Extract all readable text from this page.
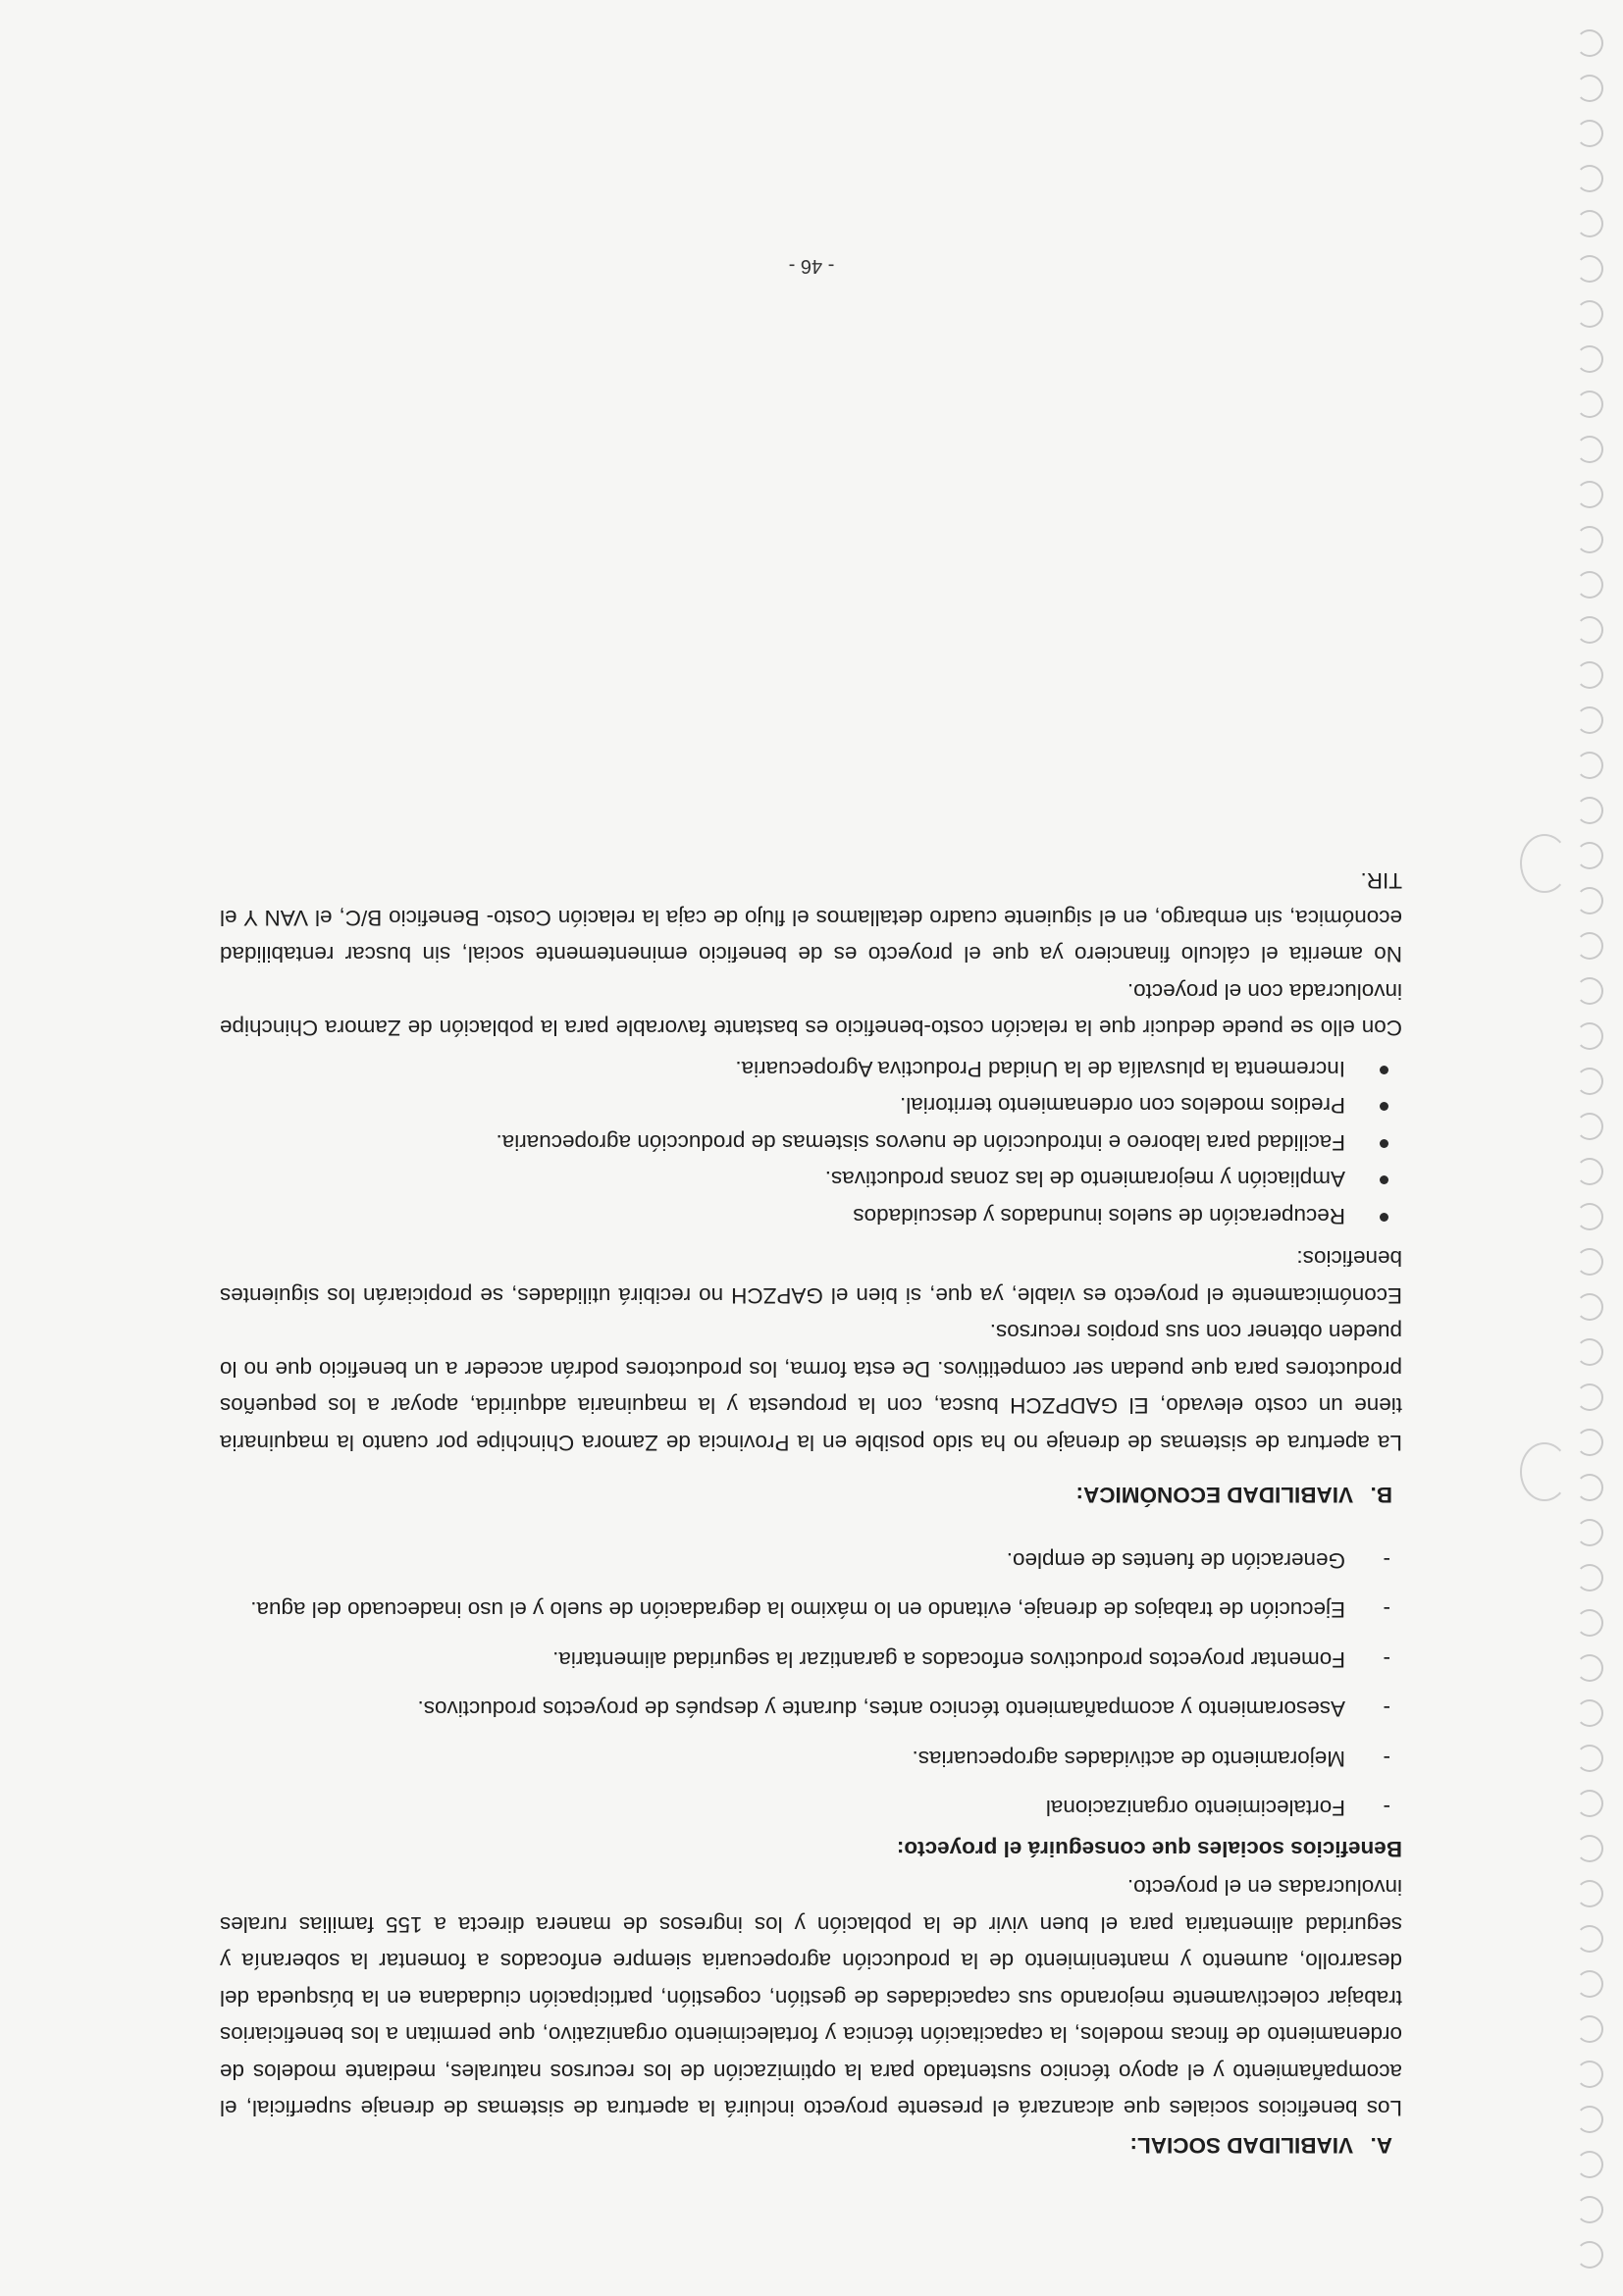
A.VIABILIDAD SOCIAL:

Los beneficios sociales que alcanzará el presente proyecto incluirá la apertura de sistemas de drenaje superficial, el acompañamiento y el apoyo técnico sustentado para la optimización de los recursos naturales, mediante modelos de ordenamiento de fincas modelos, la capacitación técnica y fortalecimiento organizativo, que permitan a los beneficiarios trabajar colectivamente mejorando sus capacidades de gestión, cogestión, participación ciudadana en la búsqueda del desarrollo, aumento y mantenimiento de la producción agropecuaria siempre enfocados a fomentar la soberanía y seguridad alimentaria para el buen vivir de la población y los ingresos de manera directa a 155 familias rurales involucradas en el proyecto.

Beneficios sociales que conseguirá el proyecto:
- Fortalecimiento organizacional
- Mejoramiento de actividades agropecuarias.
- Asesoramiento y acompañamiento técnico antes, durante y después de proyectos productivos.
- Fomentar proyectos productivos enfocados a garantizar la seguridad alimentaria.
- Ejecución de trabajos de drenaje, evitando en lo máximo la degradación de suelo y el uso inadecuado del agua.
- Generación de fuentes de empleo.
B.VIABILIDAD ECONÓMICA:

La apertura de sistemas de drenaje no ha sido posible en la Provincia de Zamora Chinchipe por cuanto la maquinaria tiene un costo elevado, El GADPZCH busca, con la propuesta y la maquinaria adquirida, apoyar a los pequeños productores para que puedan ser competitivos. De esta forma, los productores podrán acceder a un beneficio que no lo pueden obtener con sus propios recursos.

Económicamente el proyecto es viable, ya que, si bien el GAPZCH no recibirá utilidades, se propiciarán los siguientes beneficios:

Recuperación de suelos inundados y descuidados
Ampliación y mejoramiento de las zonas productivas.
Facilidad para laboreo e introducción de nuevos sistemas de producción agropecuaria.
Predios modelos con ordenamiento territorial.
Incrementa la plusvalía de la Unidad Productiva Agropecuaria.

Con ello se puede deducir que la relación costo-beneficio es bastante favorable para la población de Zamora Chinchipe involucrada con el proyecto.

No amerita el cálculo financiero ya que el proyecto es de beneficio eminentemente social, sin buscar rentabilidad económica, sin embargo, en el siguiente cuadro detallamos el flujo de caja la relación Costo- Beneficio B/C, el VAN Y el TIR.

- 46 -
